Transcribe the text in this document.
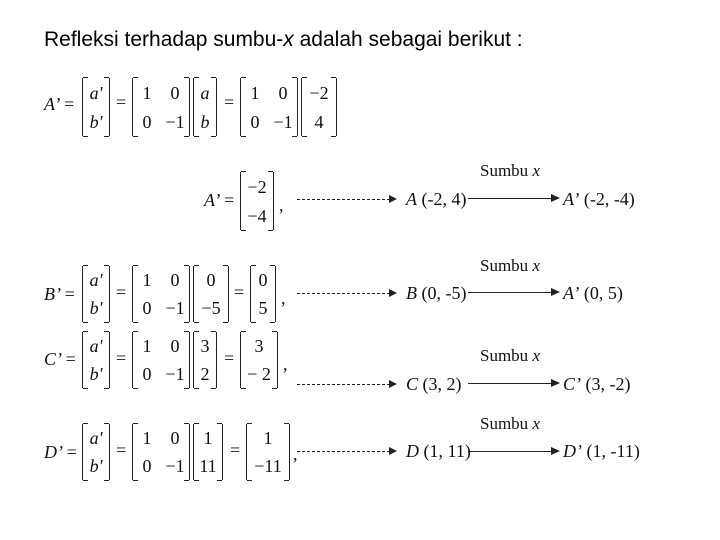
Refleksi terhadap sumbu-x adalah sebagai berikut :
A’ =
a'
b'
= 1 0
0 −1
a
b
= 1 0
0 −1
−2
4
A’ =
−2
−4
,	A (-2, 4)
Sumbu x
A’ (-2, -4)
B’ =
a'
b'
=
1 0
0 −1
0
−5
=
0
5 ,	B (0, -5)
Sumbu x
A’ (0, 5)
C’ =
a'
b'
=
1 0
0 −1
3
2
=
3
− 2 ,
C (3, 2)
Sumbu x
C’ (3, -2)
D’ =
a'
b'
=
1 0
0 −1
1
11
=
1
−11
,	D (1, 11)
Sumbu x
D’ (1, -11)
